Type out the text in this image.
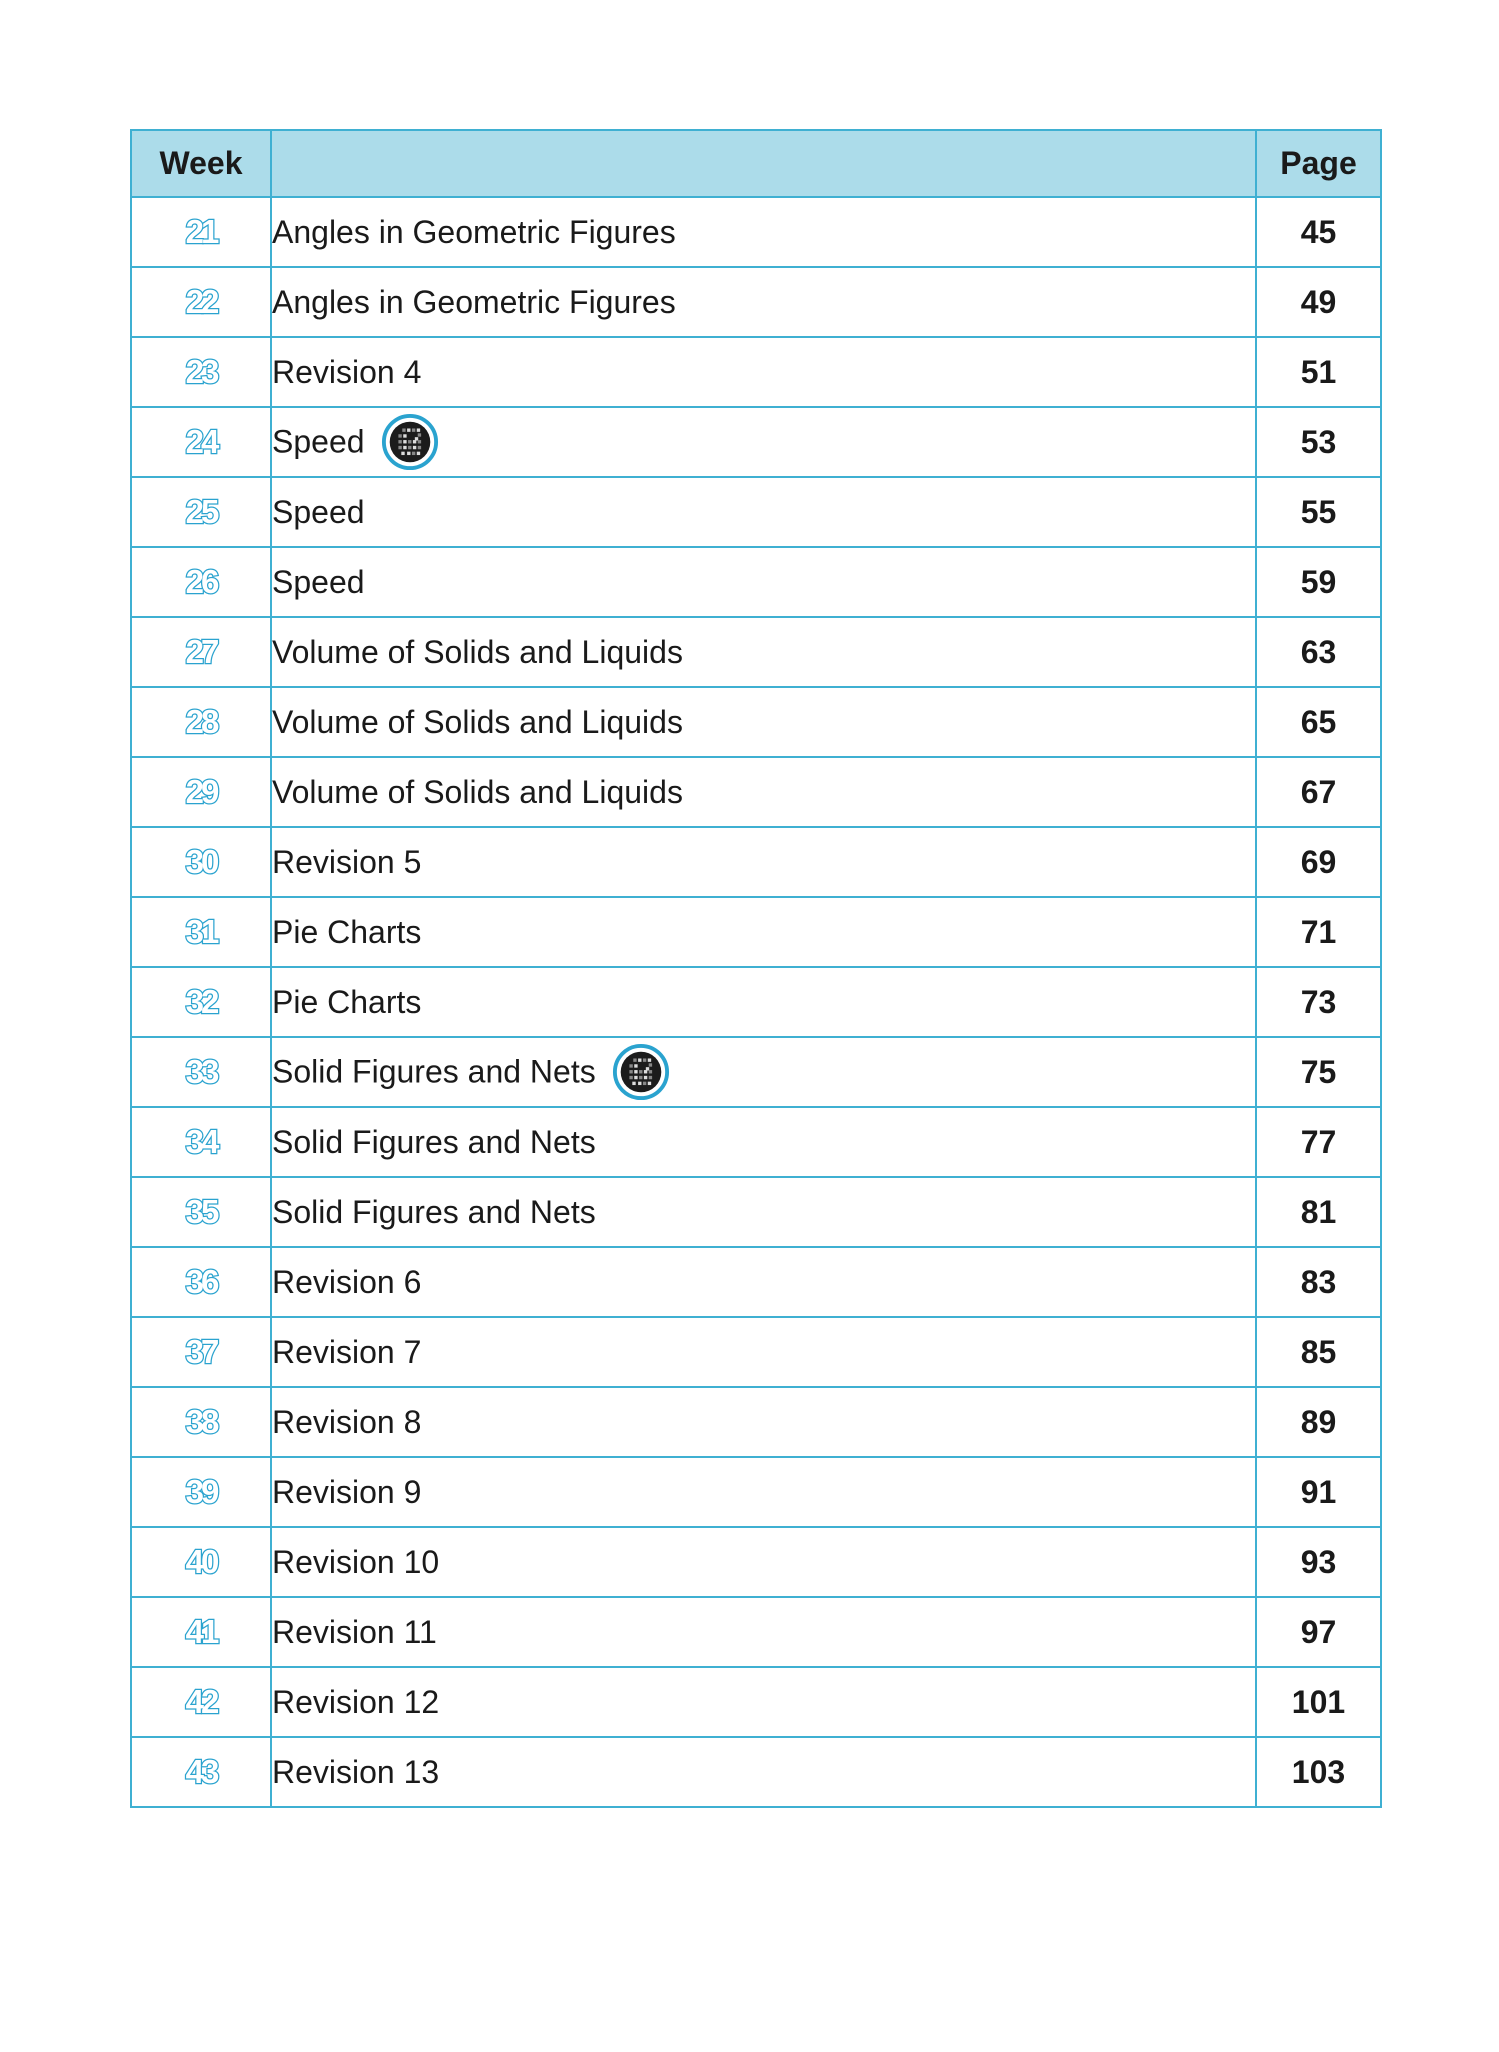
Week		Page
21	Angles in Geometric Figures	45
22	Angles in Geometric Figures	49
23	Revision 4	51
24	Speed	53
25	Speed	55
26	Speed	59
27	Volume of Solids and Liquids	63
28	Volume of Solids and Liquids	65
29	Volume of Solids and Liquids	67
30	Revision 5	69
31	Pie Charts	71
32	Pie Charts	73
33	Solid Figures and Nets	75
34	Solid Figures and Nets	77
35	Solid Figures and Nets	81
36	Revision 6	83
37	Revision 7	85
38	Revision 8	89
39	Revision 9	91
40	Revision 10	93
41	Revision 11	97
42	Revision 12	101
43	Revision 13	103
